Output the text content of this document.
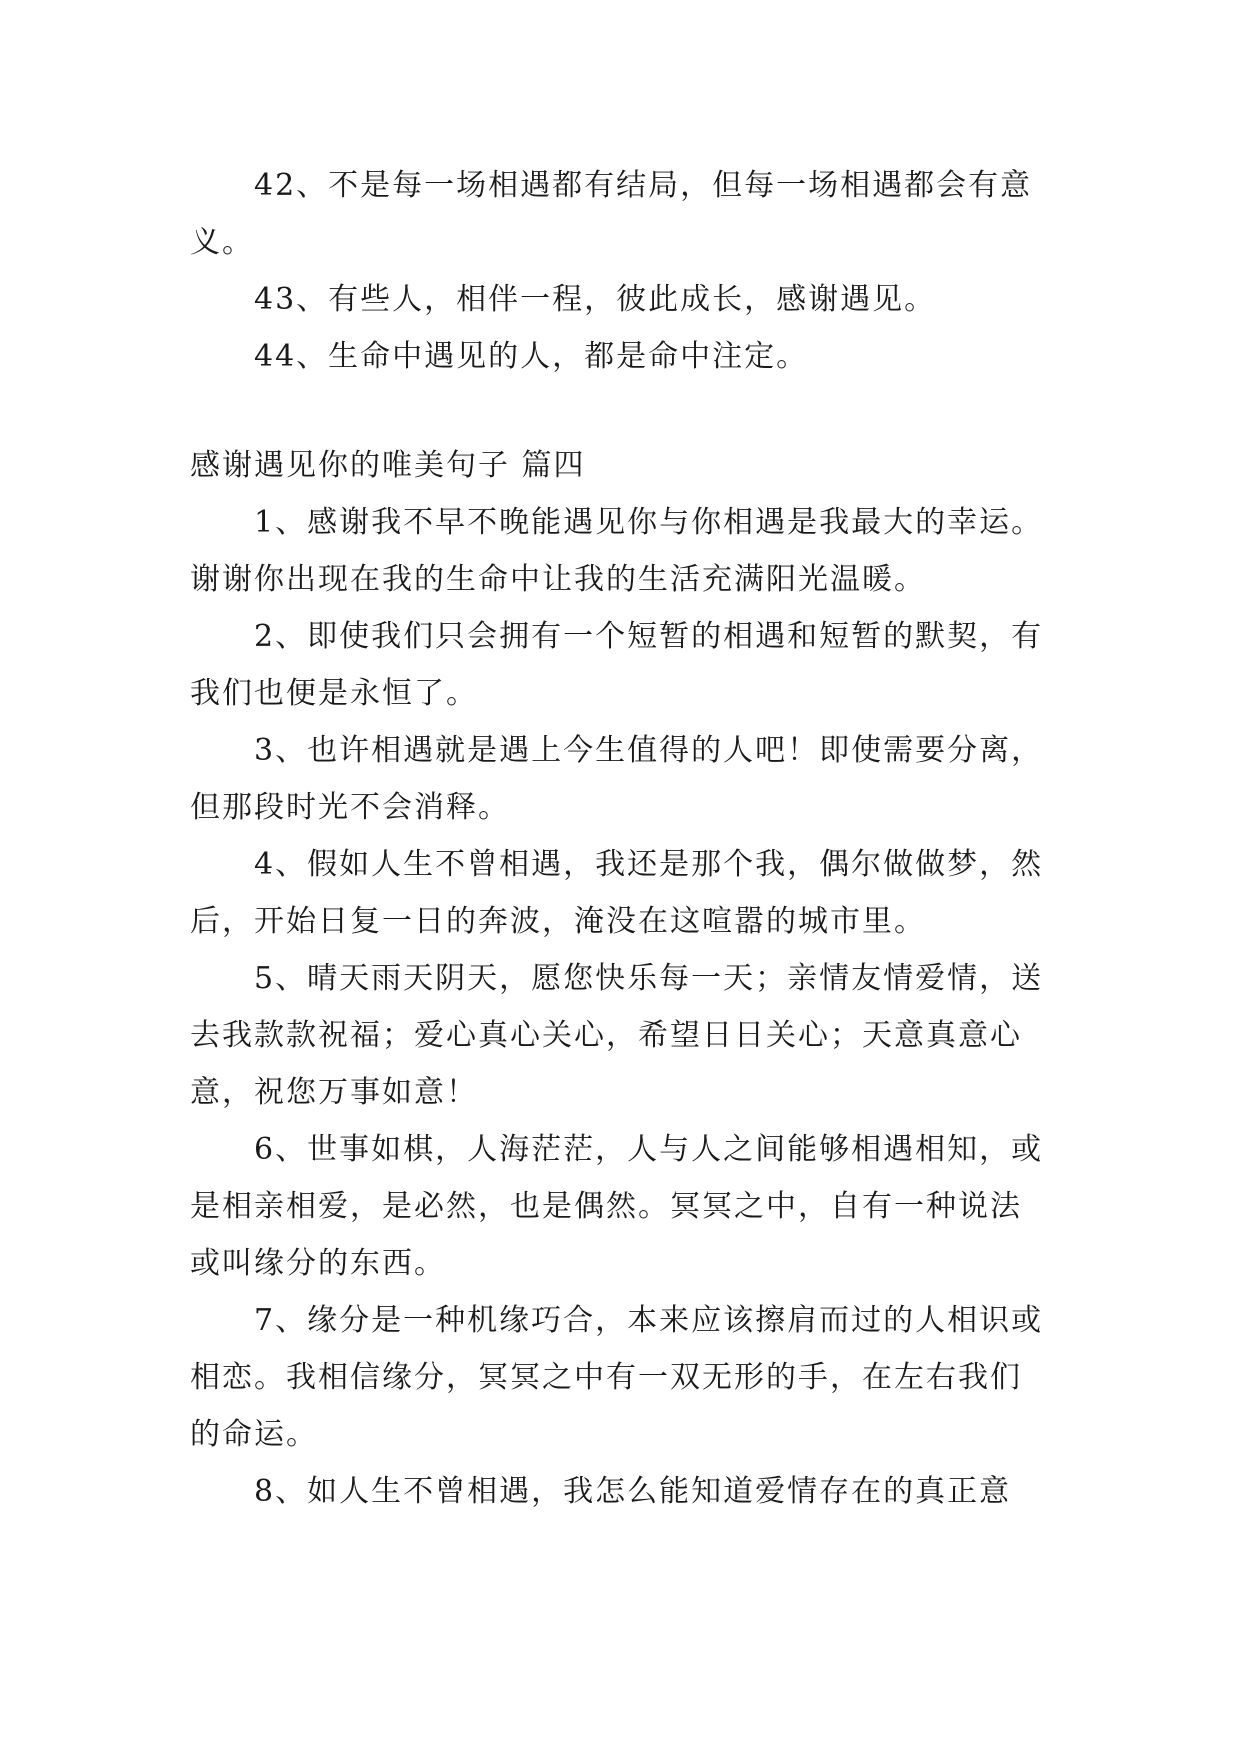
42、不是每一场相遇都有结局，但每一场相遇都会有意义。

43、有些人，相伴一程，彼此成长，感谢遇见。

44、生命中遇见的人，都是命中注定。

感谢遇见你的唯美句子 篇四

1、感谢我不早不晚能遇见你与你相遇是我最大的幸运。谢谢你出现在我的生命中让我的生活充满阳光温暖。

2、即使我们只会拥有一个短暂的相遇和短暂的默契，有我们也便是永恒了。

3、也许相遇就是遇上今生值得的人吧！即使需要分离，但那段时光不会消释。

4、假如人生不曾相遇，我还是那个我，偶尔做做梦，然后，开始日复一日的奔波，淹没在这喧嚣的城市里。

5、晴天雨天阴天，愿您快乐每一天；亲情友情爱情，送去我款款祝福；爱心真心关心，希望日日关心；天意真意心意，祝您万事如意！

6、世事如棋，人海茫茫，人与人之间能够相遇相知，或是相亲相爱，是必然，也是偶然。冥冥之中，自有一种说法或叫缘分的东西。

7、缘分是一种机缘巧合，本来应该擦肩而过的人相识或相恋。我相信缘分，冥冥之中有一双无形的手，在左右我们的命运。

8、如人生不曾相遇，我怎么能知道爱情存在的真正意
